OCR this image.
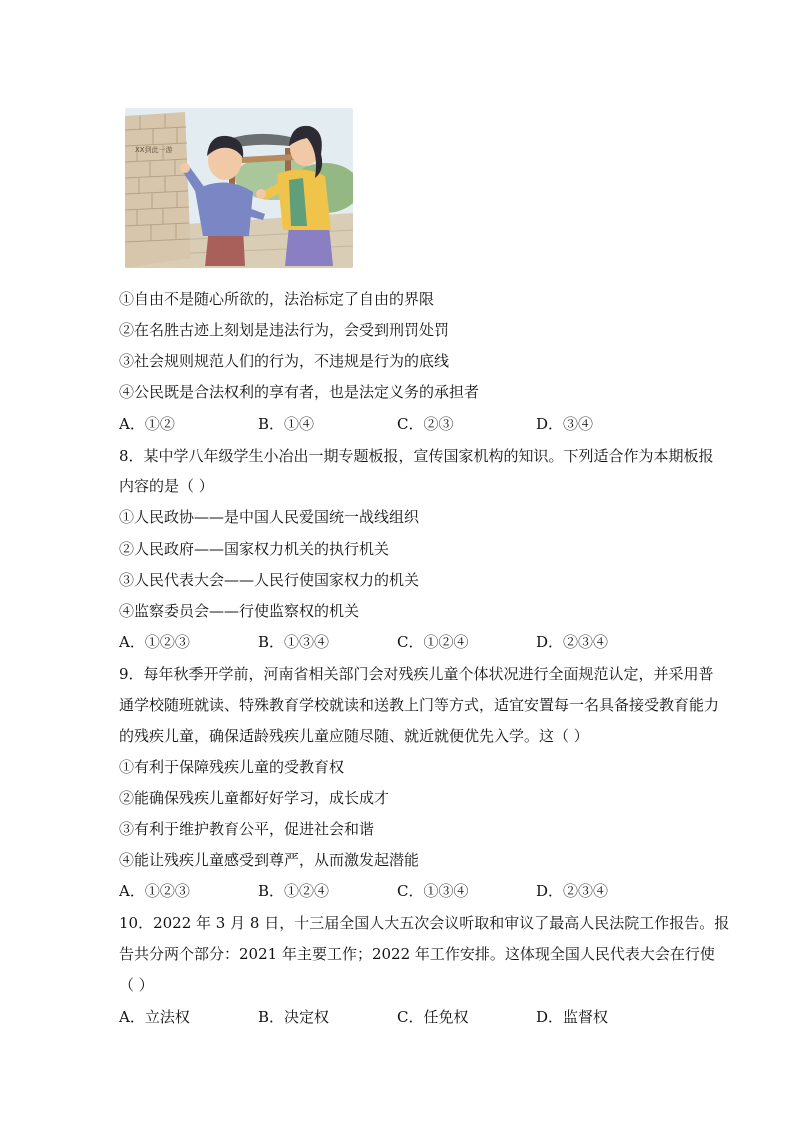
XX到此一游
①自由不是随心所欲的，法治标定了自由的界限
②在名胜古迹上刻划是违法行为，会受到刑罚处罚
③社会规则规范人们的行为，不违规是行为的底线
④公民既是合法权利的享有者，也是法定义务的承担者
A．①②	B．①④	C．②③	D．③④
8．某中学八年级学生小冶出一期专题板报，宣传国家机构的知识。下列适合作为本期板报
内容的是（ ）
①人民政协——是中国人民爱国统一战线组织
②人民政府——国家权力机关的执行机关
③人民代表大会——人民行使国家权力的机关
④监察委员会——行使监察权的机关
A．①②③	B．①③④	C．①②④	D．②③④
9．每年秋季开学前，河南省相关部门会对残疾儿童个体状况进行全面规范认定，并采用普
通学校随班就读、特殊教育学校就读和送教上门等方式，适宜安置每一名具备接受教育能力
的残疾儿童，确保适龄残疾儿童应随尽随、就近就便优先入学。这（ ）
①有利于保障残疾儿童的受教育权
②能确保残疾儿童都好好学习，成长成才
③有利于维护教育公平，促进社会和谐
④能让残疾儿童感受到尊严，从而激发起潜能
A．①②③	B．①②④	C．①③④	D．②③④
10．2022 年 3 月 8 日，十三届全国人大五次会议听取和审议了最高人民法院工作报告。报
告共分两个部分：2021 年主要工作；2022 年工作安排。这体现全国人民代表大会在行使
（ ）
A．立法权	B．决定权	C．任免权	D．监督权
